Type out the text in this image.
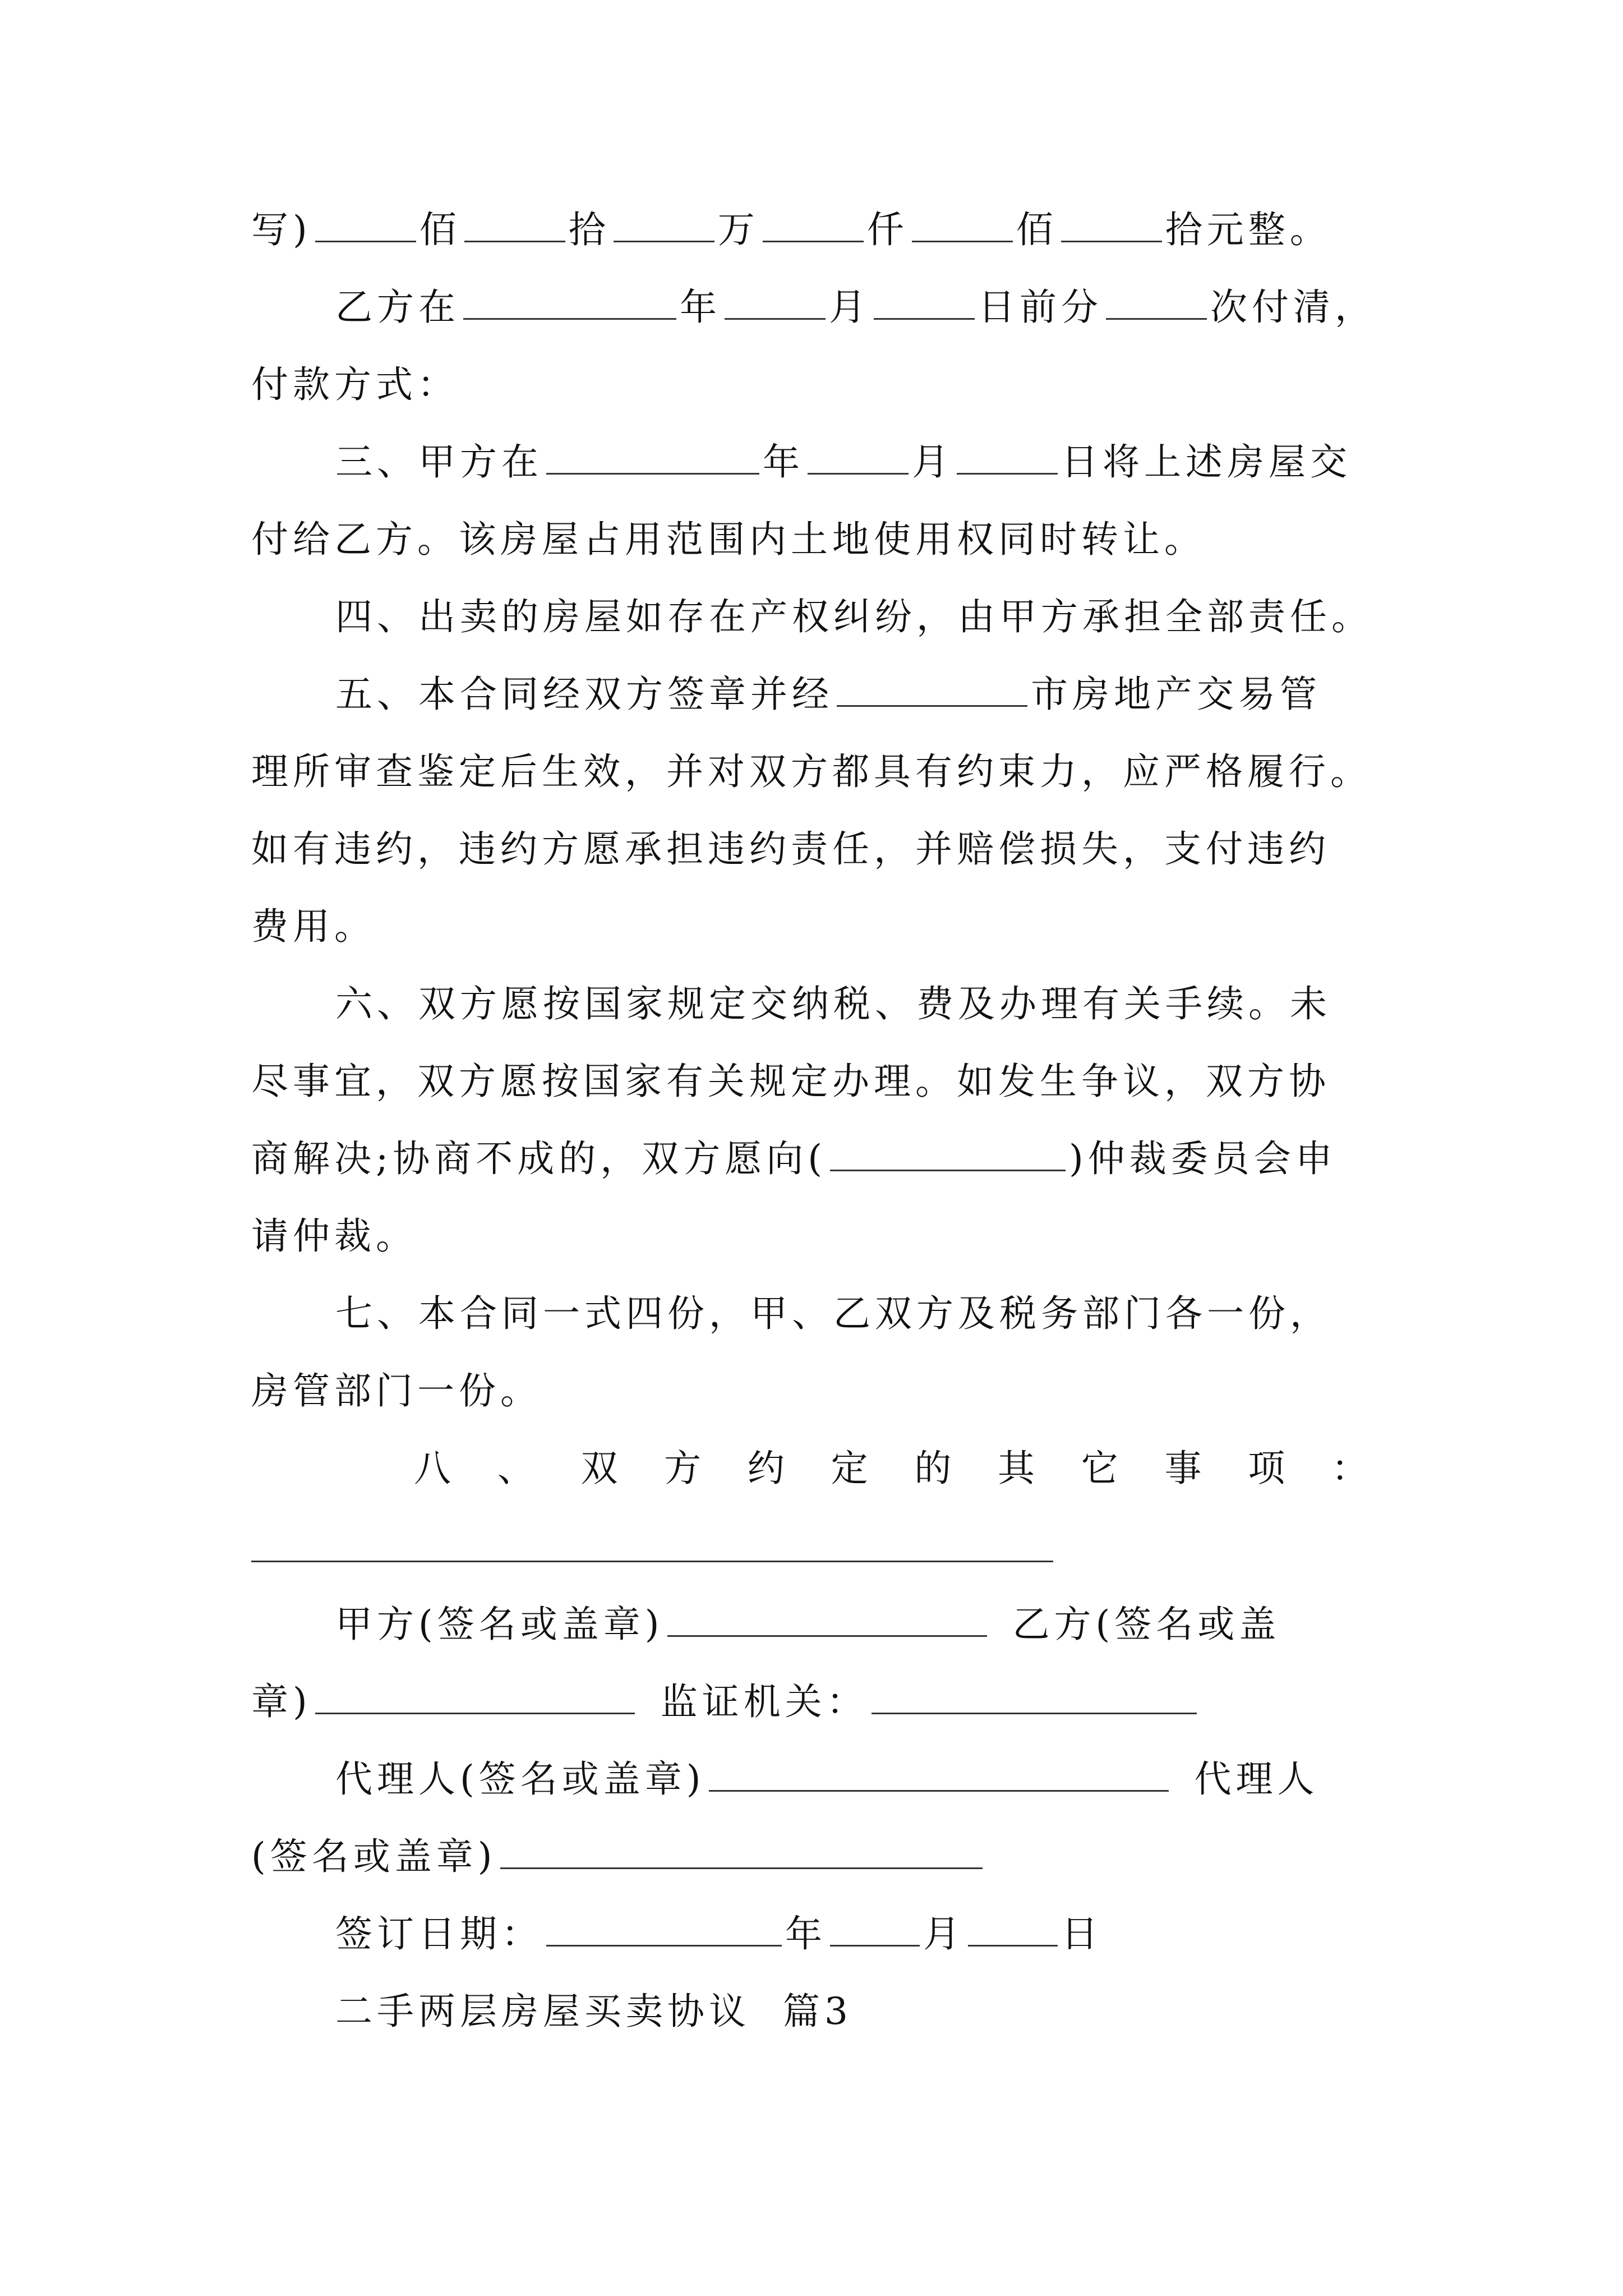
写)	佰	拾	万	仟	佰	拾元整。
乙方在	年	月	日前分	次付清，
付款方式：
三、甲方在	年	月	日将上述房屋交
付给乙方。该房屋占用范围内土地使用权同时转让。
四、出卖的房屋如存在产权纠纷，由甲方承担全部责任。
五、本合同经双方签章并经	市房地产交易管
理所审查鉴定后生效，并对双方都具有约束力，应严格履行。
如有违约，违约方愿承担违约责任，并赔偿损失，支付违约
费用。
六、双方愿按国家规定交纳税、费及办理有关手续。未
尽事宜，双方愿按国家有关规定办理。如发生争议，双方协
商解决;协商不成的，双方愿向(	)仲裁委员会申
请仲裁。
七、本合同一式四份，甲、乙双方及税务部门各一份，
房管部门一份。
八 、 双 方 约 定 的 其 它 事 项 ：
甲方(签名或盖章)	乙方(签名或盖
章)	监证机关：
代理人(签名或盖章)	代理人
(签名或盖章)
签订日期：	年	月	日
二手两层房屋买卖协议  篇3
